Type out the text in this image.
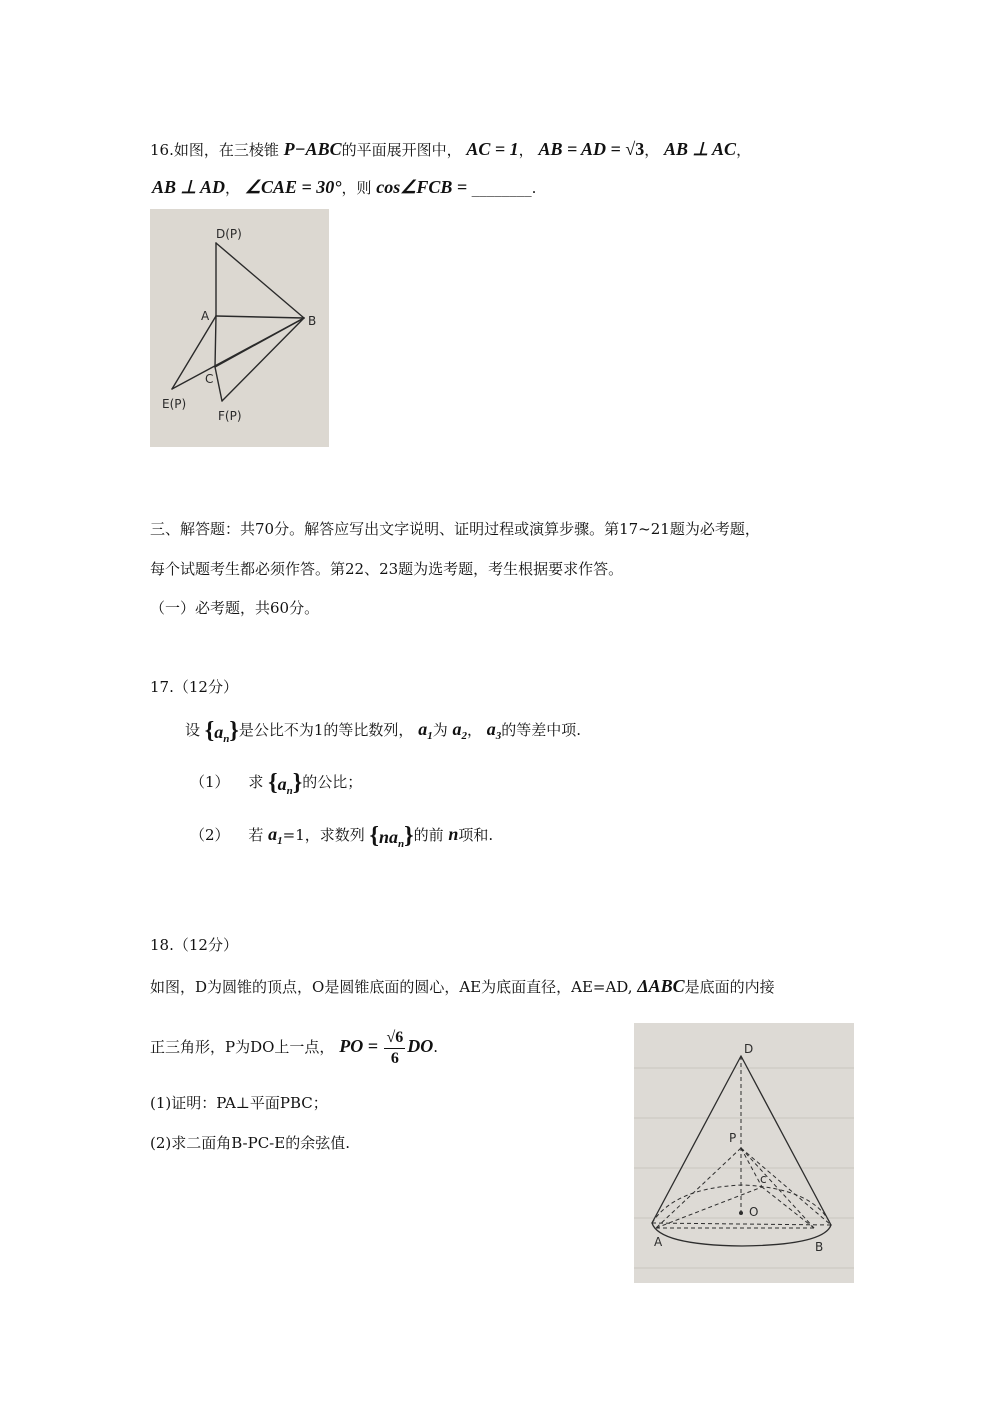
16.如图，在三棱锥 P−ABC的平面展开图中， AC = 1， AB = AD = √3， AB ⊥ AC，
AB ⊥ AD， ∠CAE = 30°，则 cos∠FCB = ________.
D(P)
A	B
C
E(P)
F(P)
三、解答题：共70分。解答应写出文字说明、证明过程或演算步骤。第17~21题为必考题，
每个试题考生都必须作答。第22、23题为选考题，考生根据要求作答。
（一）必考题，共60分。
17.（12分）
设 $\{a_n\}$是公比不为1的等比数列， $a_1$为 $a_2$， $a_3$的等差中项.
（1） 求 $\{a_n\}$的公比；
（2） 若 $a_1=1$，求数列 $\{na_n\}$的前 n项和.
18.（12分）
如图，D为圆锥的顶点，O是圆锥底面的圆心，AE为底面直径，AE=AD, ΔABC是底面的内接
正三角形，P为DO上一点， PO = $\frac{√6}{6}$ DO.
(1)证明：PA⊥平面PBC；
(2)求二面角B-PC-E的余弦值.
D
P
c
O
A	B
